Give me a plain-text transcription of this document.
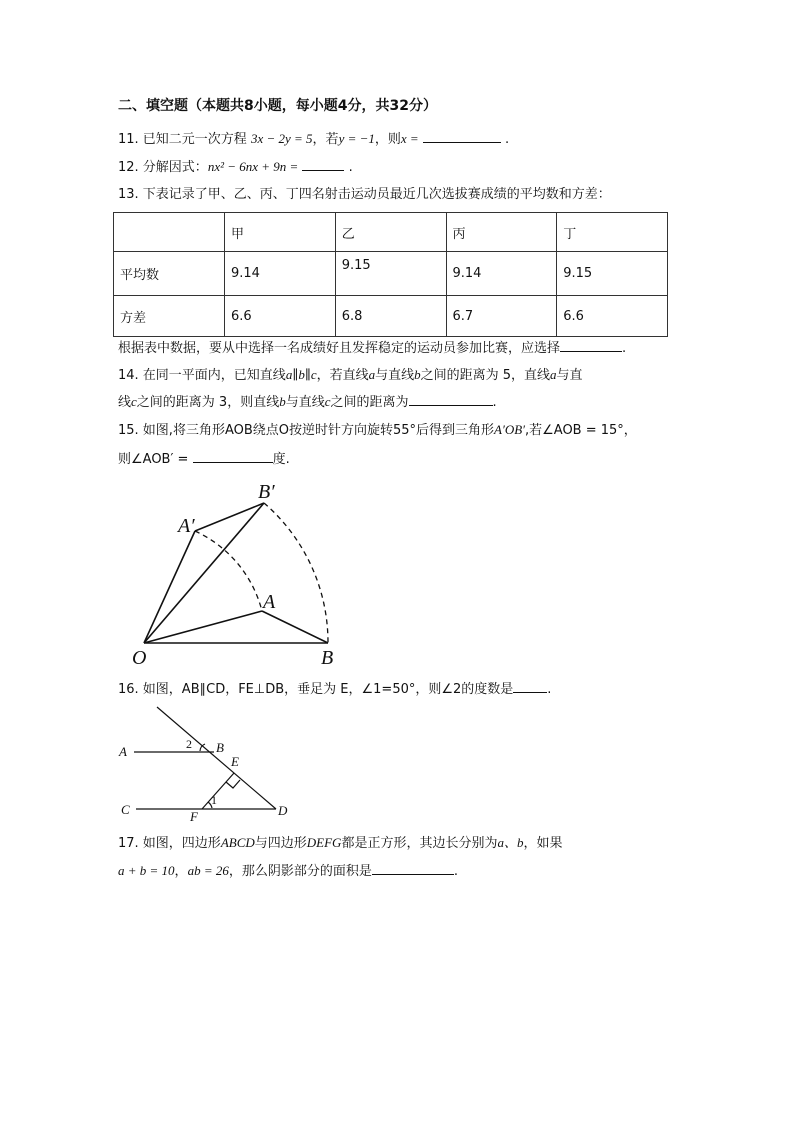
二、填空题（本题共8小题，每小题4分，共32分）
11. 已知二元一次方程 3x − 2y = 5，若y = −1，则x =	.
12. 分解因式：nx² − 6nx + 9n =	.
13. 下表记录了甲、乙、丙、丁四名射击运动员最近几次选拔赛成绩的平均数和方差：
	甲	乙	丙	丁
平均数	9.14	9.15	9.14	9.15
方差	6.6	6.8	6.7	6.6
根据表中数据，要从中选择一名成绩好且发挥稳定的运动员参加比赛，应选择	.
14. 在同一平面内，已知直线a∥b∥c，若直线a与直线b之间的距离为 5，直线a与直
线c之间的距离为 3，则直线b与直线c之间的距离为	.
15. 如图,将三角形AOB绕点O按逆时针方向旋转55°后得到三角形A′OB′,若∠AOB = 15°，
则∠AOB′ =	度.
O
A
B
A′
B′
16. 如图，AB∥CD，FE⊥DB，垂足为 E，∠1=50°，则∠2的度数是	.
A	B
C	D
E
F
1
2
17. 如图，四边形ABCD与四边形DEFG都是正方形，其边长分别为a、b，如果
a + b = 10，ab = 26，那么阴影部分的面积是	.
